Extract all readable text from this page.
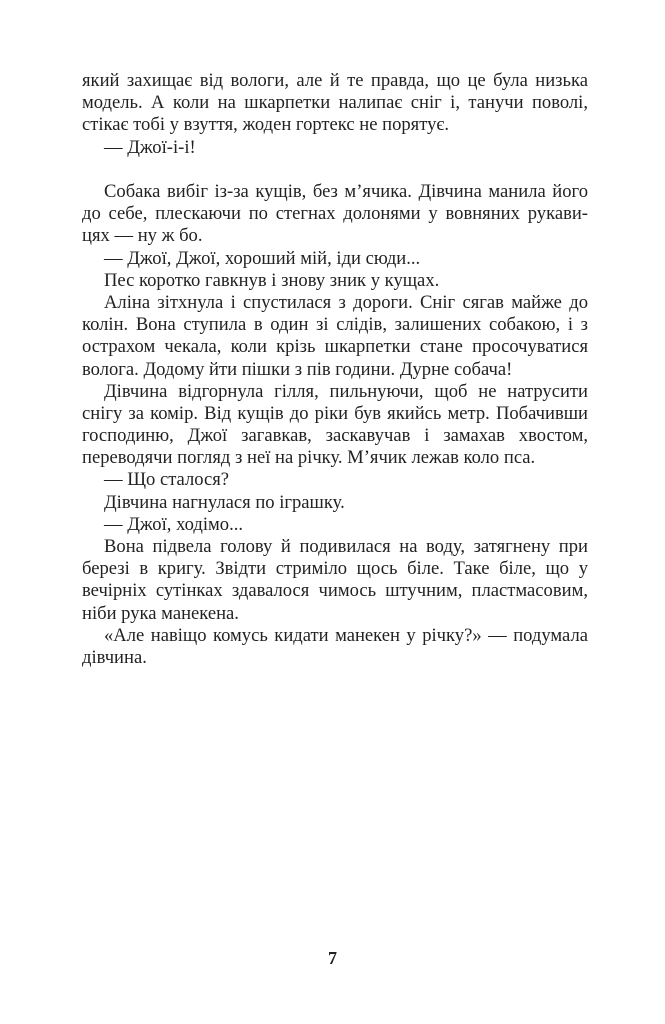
який захищає від вологи, але й те правда, що це була низька
модель. А коли на шкарпетки налипає сніг і, танучи поволі,
стікає тобі у взуття, жоден гортекс не порятує.
— Джої-і-і!
Собака вибіг із-за кущів, без м’ячика. Дівчина манила його
до себе, плескаючи по стегнах долонями у вовняних рукави-
цях — ну ж бо.
— Джої, Джої, хороший мій, іди сюди...
Пес коротко гавкнув і знову зник у кущах.
Аліна зітхнула і спустилася з дороги. Сніг сягав майже до
колін. Вона ступила в один зі слідів, залишених собакою, і з
острахом чекала, коли крізь шкарпетки стане просочуватися
волога. Додому йти пішки з пів години. Дурне собача!
Дівчина відгорнула гілля, пильнуючи, щоб не натрусити
снігу за комір. Від кущів до ріки був якийсь метр. Побачивши
господиню, Джої загавкав, заскавучав і замахав хвостом,
переводячи погляд з неї на річку. М’ячик лежав коло пса.
— Що сталося?
Дівчина нагнулася по іграшку.
— Джої, ходімо...
Вона підвела голову й подивилася на воду, затягнену при
березі в кригу. Звідти стриміло щось біле. Таке біле, що у
вечірніх сутінках здавалося чимось штучним, пластмасовим,
ніби рука манекена.
«Але навіщо комусь кидати манекен у річку?» — подумала
дівчина.
7
